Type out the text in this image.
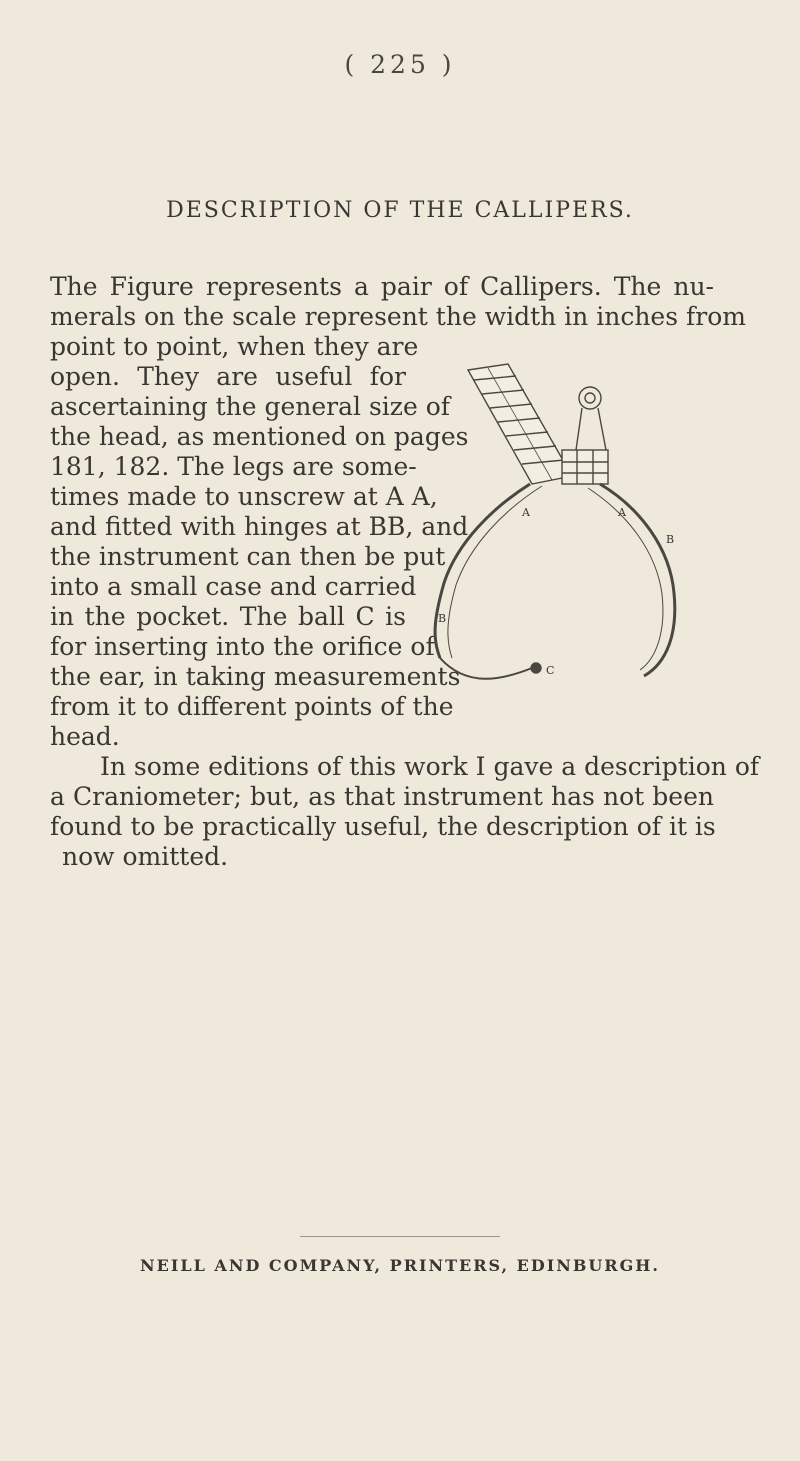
( 225 )
DESCRIPTION OF THE CALLIPERS.
The Figure represents a pair of Callipers. The nu-
merals on the scale represent the width in inches from
point to point, when they are
open. They are useful for
ascertaining the general size of
the head, as mentioned on pages
181, 182. The legs are some-
times made to unscrew at A A,
and fitted with hinges at BB, and
the instrument can then be put
into a small case and carried
in the pocket. The ball C is
for inserting into the orifice of
the ear, in taking measurements
from it to different points of the
head.
In some editions of this work I gave a description of
a Craniometer; but, as that instrument has not been
found to be practically useful, the description of it is
now omitted.
A	A
B
B
C
NEILL AND COMPANY, PRINTERS, EDINBURGH.
